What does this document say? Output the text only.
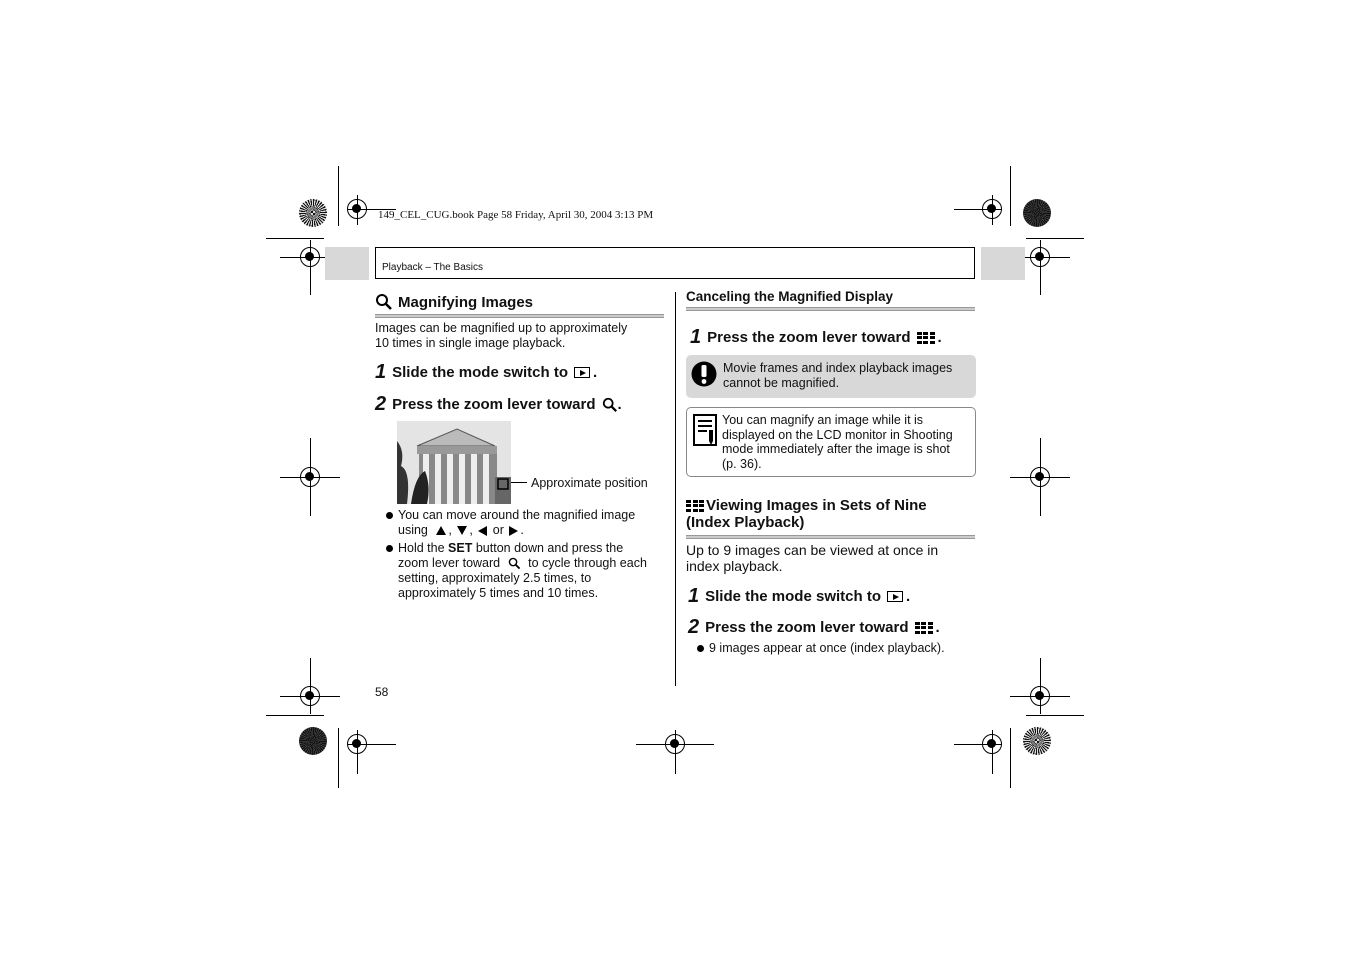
149_CEL_CUG.book Page 58 Friday, April 30, 2004 3:13 PM
Playback – The Basics
Magnifying Images
Images can be magnified up to approximately
10 times in single image playback.
1 Slide the mode switch to .
2 Press the zoom lever toward .
Approximate position
You can move around the magnified image
using , ,  or .
Hold the SET button down and press the
zoom lever toward to cycle through each
setting, approximately 2.5 times, to
approximately 5 times and 10 times.
58
Canceling the Magnified Display
1 Press the zoom lever toward .
Movie frames and index playback images
cannot be magnified.
You can magnify an image while it is
displayed on the LCD monitor in Shooting
mode immediately after the image is shot
(p. 36).
Viewing Images in Sets of Nine
(Index Playback)
Up to 9 images can be viewed at once in
index playback.
1 Slide the mode switch to .
2 Press the zoom lever toward .
9 images appear at once (index playback).
